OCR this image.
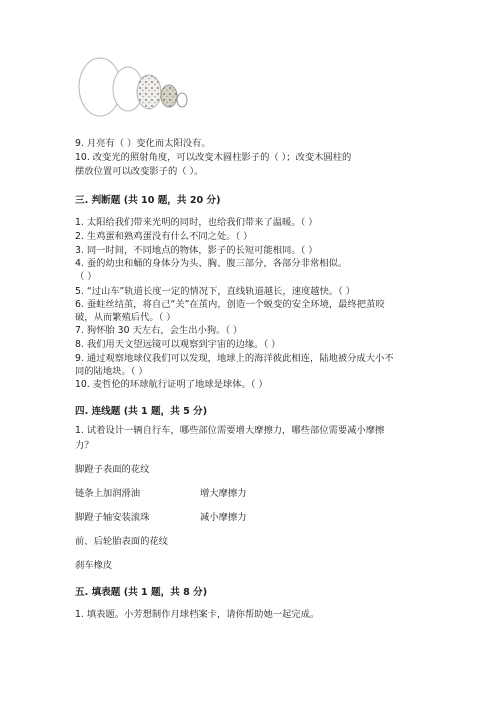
9. 月亮有（ ）变化而太阳没有。
10. 改变光的照射角度，可以改变木圆柱影子的（ ）；改变木圆柱的
摆放位置可以改变影子的（ ）。
三. 判断题 (共 10 题，共 20 分)
1. 太阳给我们带来光明的同时，也给我们带来了温暖。（ ）
2. 生鸡蛋和熟鸡蛋没有什么不同之处。（ ）
3. 同一时间，不同地点的物体，影子的长短可能相同。（ ）
4. 蚕的幼虫和蛹的身体分为头、胸、腹三部分，各部分非常相似。
（ ）
5. “过山车”轨道长度一定的情况下，直线轨道越长，速度越快。（ ）
6. 蚕蛀丝结茧，将自己“关”在茧内，创造一个蜕变的安全环境，最终把茧咬
破，从而繁殖后代。（ ）
7. 狗怀胎 30 天左右，会生出小狗。（ ）
8. 我们用天文望远镜可以观察到宇宙的边缘。（ ）
9. 通过观察地球仪我们可以发现，地球上的海洋彼此相连，陆地被分成大小不
同的陆地块。（ ）
10. 麦哲伦的环球航行证明了地球是球体。（ ）
四. 连线题 (共 1 题，共 5 分)
1. 试着设计一辆自行车，哪些部位需要增大摩擦力，哪些部位需要减小摩擦
力？
脚蹬子表面的花纹
链条上加润滑油	增大摩擦力
脚蹬子轴安装滚珠	减小摩擦力
前、后轮胎表面的花纹
刹车橡皮
五. 填表题 (共 1 题，共 8 分)
1. 填表题。小芳想制作月球档案卡，请你帮助她一起完成。
